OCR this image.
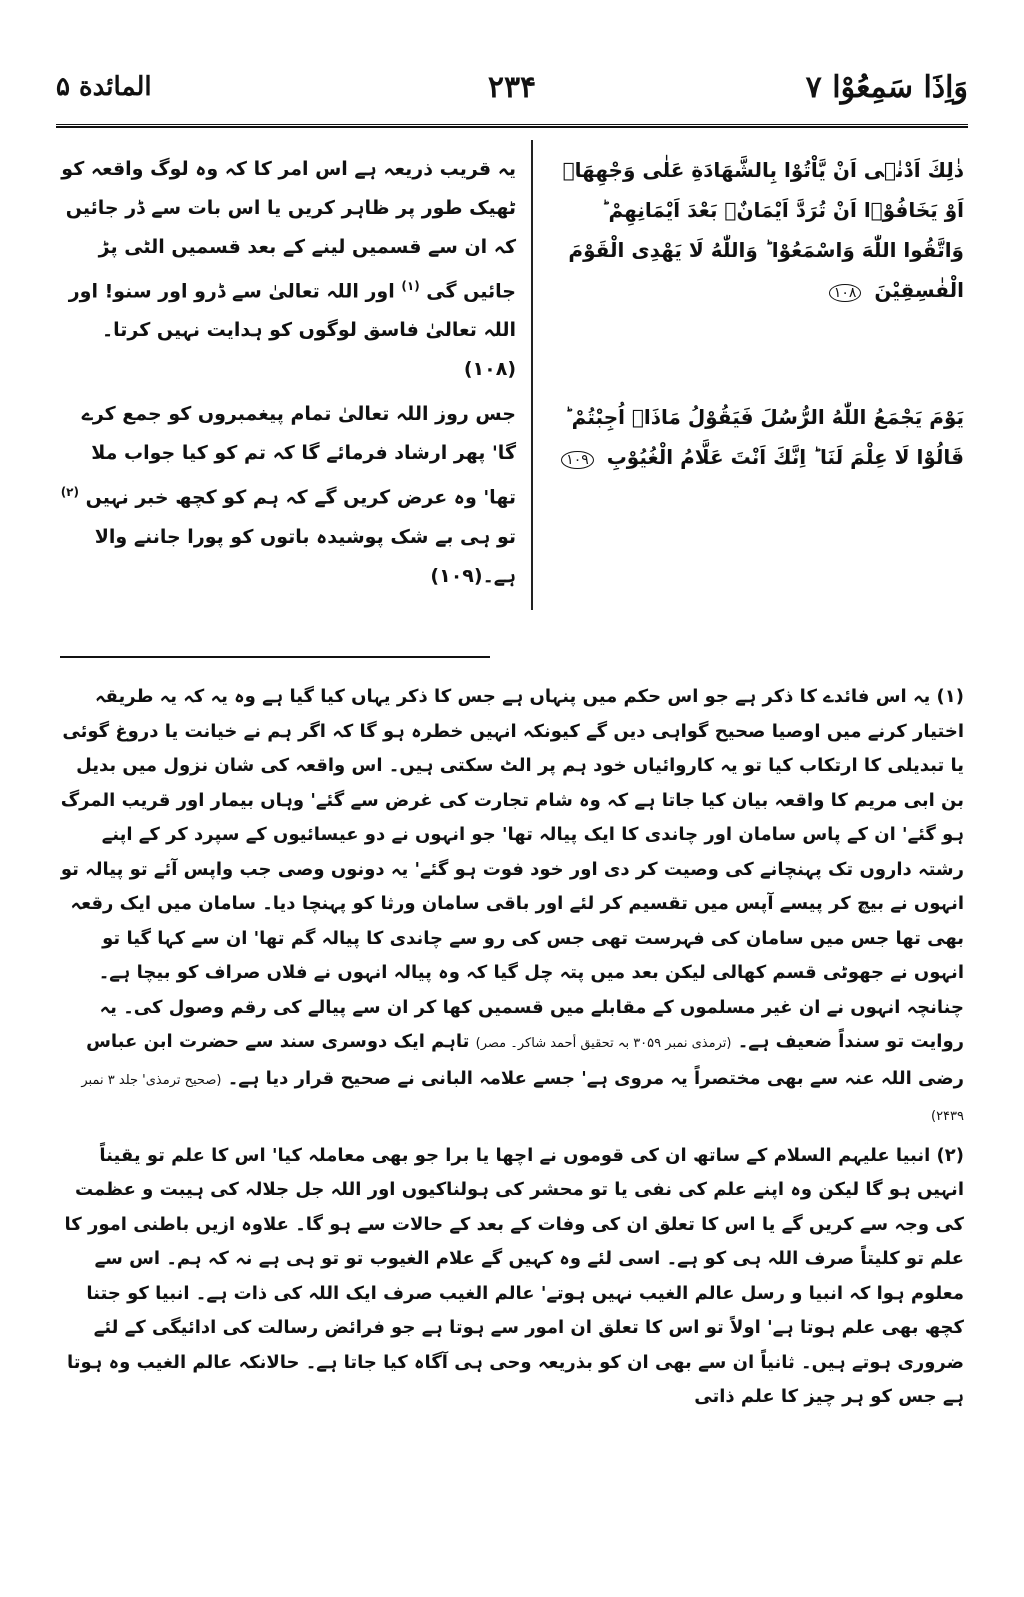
وَاِذَا سَمِعُوْا ۷
۲۳۴
المائدة ۵
ذٰلِكَ اَدْنٰۤى اَنْ يَّاْتُوْا بِالشَّهَادَةِ عَلٰى وَجْهِهَاۤ اَوْ يَخَافُوْۤا اَنْ تُرَدَّ اَيْمَانٌۢ بَعْدَ اَيْمَانِهِمْ ؕ وَاتَّقُوا اللّٰهَ وَاسْمَعُوْا ؕ وَاللّٰهُ لَا يَهْدِى الْقَوْمَ الْفٰسِقِيْنَ ۱۰۸
يَوْمَ يَجْمَعُ اللّٰهُ الرُّسُلَ فَيَقُوْلُ مَاذَاۤ اُجِبْتُمْ ؕ قَالُوْا لَا عِلْمَ لَنَا ؕ اِنَّكَ اَنْتَ عَلَّامُ الْغُيُوْبِ ۱۰۹
یہ قریب ذریعہ ہے اس امر کا کہ وہ لوگ واقعہ کو ٹھیک طور پر ظاہر کریں یا اس بات سے ڈر جائیں کہ ان سے قسمیں لینے کے بعد قسمیں الٹی پڑ جائیں گی $^{(۱)}$ اور اللہ تعالیٰ سے ڈرو اور سنو! اور اللہ تعالیٰ فاسق لوگوں کو ہدایت نہیں کرتا۔(۱۰۸)
جس روز اللہ تعالیٰ تمام پیغمبروں کو جمع کرے گا' پھر ارشاد فرمائے گا کہ تم کو کیا جواب ملا تھا' وہ عرض کریں گے کہ ہم کو کچھ خبر نہیں $^{(۲)}$ تو ہی بے شک پوشیدہ باتوں کو پورا جاننے والا ہے۔(۱۰۹)
(۱) یہ اس فائدے کا ذکر ہے جو اس حکم میں پنہاں ہے جس کا ذکر یہاں کیا گیا ہے وہ یہ کہ یہ طریقہ اختیار کرنے میں اوصیا صحیح گواہی دیں گے کیونکہ انہیں خطرہ ہو گا کہ اگر ہم نے خیانت یا دروغ گوئی یا تبدیلی کا ارتکاب کیا تو یہ کاروائیاں خود ہم پر الٹ سکتی ہیں۔ اس واقعہ کی شان نزول میں بدیل بن ابی مریم کا واقعہ بیان کیا جاتا ہے کہ وہ شام تجارت کی غرض سے گئے' وہاں بیمار اور قریب المرگ ہو گئے' ان کے پاس سامان اور چاندی کا ایک پیالہ تھا' جو انہوں نے دو عیسائیوں کے سپرد کر کے اپنے رشتہ داروں تک پہنچانے کی وصیت کر دی اور خود فوت ہو گئے' یہ دونوں وصی جب واپس آئے تو پیالہ تو انہوں نے بیچ کر پیسے آپس میں تقسیم کر لئے اور باقی سامان ورثا کو پہنچا دیا۔ سامان میں ایک رقعہ بھی تھا جس میں سامان کی فہرست تھی جس کی رو سے چاندی کا پیالہ گم تھا' ان سے کہا گیا تو انہوں نے جھوٹی قسم کھالی لیکن بعد میں پتہ چل گیا کہ وہ پیالہ انہوں نے فلاں صراف کو بیچا ہے۔ چنانچہ انہوں نے ان غیر مسلموں کے مقابلے میں قسمیں کھا کر ان سے پیالے کی رقم وصول کی۔ یہ روایت تو سنداً ضعیف ہے۔ (ترمذی نمبر ۳۰۵۹ بہ تحقیق أحمد شاکر۔ مصر) تاہم ایک دوسری سند سے حضرت ابن عباس رضی اللہ عنہ سے بھی مختصراً یہ مروی ہے' جسے علامہ البانی نے صحیح قرار دیا ہے۔ (صحیح ترمذی' جلد ۳ نمبر ۲۴۳۹)
(۲) انبیا علیہم السلام کے ساتھ ان کی قوموں نے اچھا یا برا جو بھی معاملہ کیا' اس کا علم تو یقیناً انہیں ہو گا لیکن وہ اپنے علم کی نفی یا تو محشر کی ہولناکیوں اور اللہ جل جلالہ کی ہیبت و عظمت کی وجہ سے کریں گے یا اس کا تعلق ان کی وفات کے بعد کے حالات سے ہو گا۔ علاوہ ازیں باطنی امور کا علم تو کلیتاً صرف اللہ ہی کو ہے۔ اسی لئے وہ کہیں گے علام الغیوب تو تو ہی ہے نہ کہ ہم۔ اس سے معلوم ہوا کہ انبیا و رسل عالم الغیب نہیں ہوتے' عالم الغیب صرف ایک اللہ کی ذات ہے۔ انبیا کو جتنا کچھ بھی علم ہوتا ہے' اولاً تو اس کا تعلق ان امور سے ہوتا ہے جو فرائض رسالت کی ادائیگی کے لئے ضروری ہوتے ہیں۔ ثانیاً ان سے بھی ان کو بذریعہ وحی ہی آگاہ کیا جاتا ہے۔ حالانکہ عالم الغیب وہ ہوتا ہے جس کو ہر چیز کا علم ذاتی
